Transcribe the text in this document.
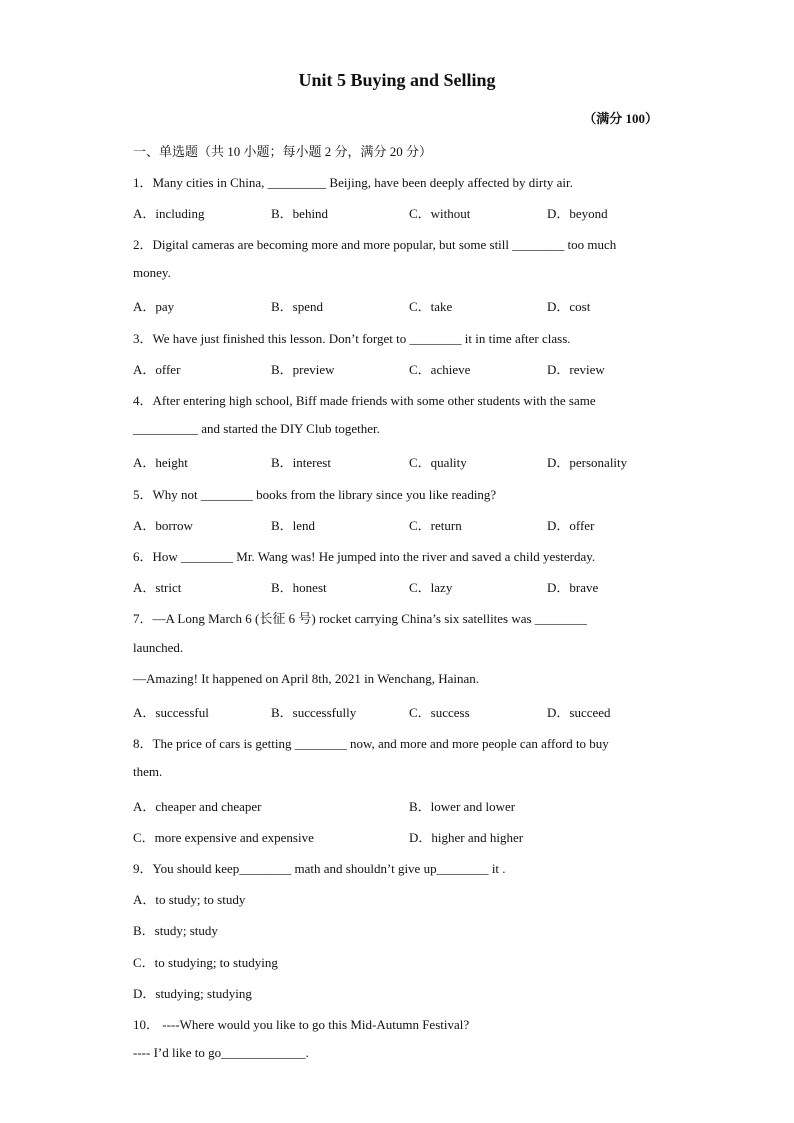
Unit 5 Buying and Selling
（满分 100）
一、单选题（共 10 小题；每小题 2 分，满分 20 分）
1．Many cities in China, _________ Beijing, have been deeply affected by dirty air.
A．including	B．behind	C．without	D．beyond
2．Digital cameras are becoming more and more popular, but some still ________ too much
money.
A．pay	B．spend	C．take	D．cost
3．We have just finished this lesson. Don’t forget to ________ it in time after class.
A．offer	B．preview	C．achieve	D．review
4．After entering high school, Biff made friends with some other students with the same
__________ and started the DIY Club together.
A．height	B．interest	C．quality	D．personality
5．Why not ________ books from the library since you like reading?
A．borrow	B．lend	C．return	D．offer
6．How ________ Mr. Wang was! He jumped into the river and saved a child yesterday.
A．strict	B．honest	C．lazy	D．brave
7．—A Long March 6 (长征 6 号) rocket carrying China’s six satellites was ________
launched.
—Amazing! It happened on April 8th, 2021 in Wenchang, Hainan.
A．successful	B．successfully	C．success	D．succeed
8．The price of cars is getting ________ now, and more and more people can afford to buy
them.
A．cheaper and cheaper	B．lower and lower
C．more expensive and expensive	D．higher and higher
9．You should keep________ math and shouldn’t give up________ it .
A．to study; to study
B．study; study
C．to studying; to studying
D．studying; studying
10． ----Where would you like to go this Mid-Autumn Festival?
---- I’d like to go_____________.
